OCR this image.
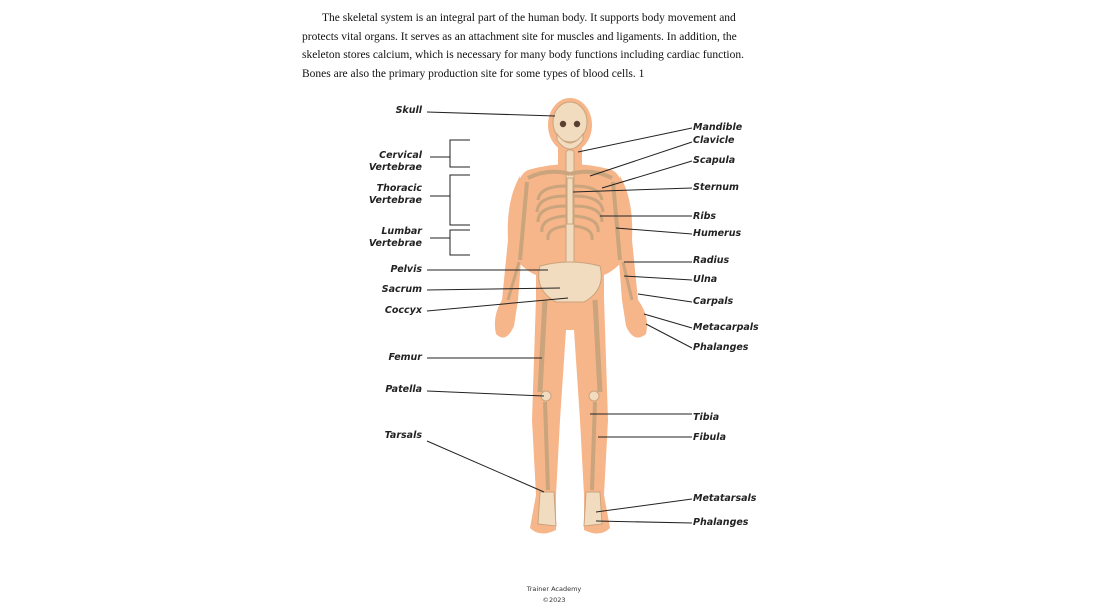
The skeletal system is an integral part of the human body. It supports body movement and
protects vital organs. It serves as an attachment site for muscles and ligaments. In addition, the
skeleton stores calcium, which is necessary for many body functions including cardiac function.
Bones are also the primary production site for some types of blood cells. 1

Skull
Cervical Vertebrae
Thoracic Vertebrae
Lumbar Vertebrae
Pelvis
Sacrum
Coccyx
Femur
Patella
Tarsals
Mandible
Clavicle
Scapula
Sternum
Ribs
Humerus
Radius
Ulna
Carpals
Metacarpals
Phalanges
Tibia
Fibula
Metatarsals
Phalanges
Trainer Academy
©2023
